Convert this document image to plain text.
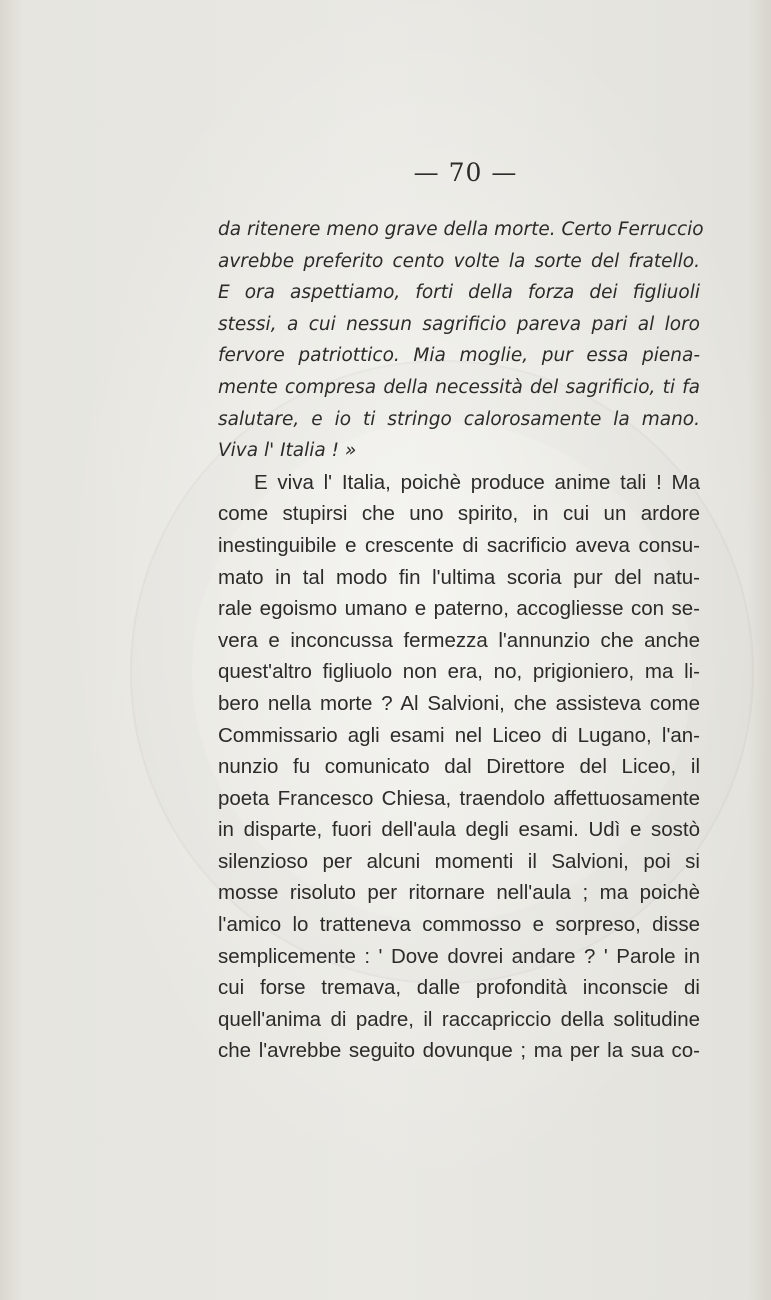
— 70 —
da ritenere meno grave della morte. Certo Ferruccio
avrebbe preferito cento volte la sorte del fratello.
E ora aspettiamo, forti della forza dei figliuoli
stessi, a cui nessun sagrificio pareva pari al loro
fervore patriottico. Mia moglie, pur essa piena-
mente compresa della necessità del sagrificio, ti fa
salutare, e io ti stringo calorosamente la mano.
Viva l' Italia ! »
E viva l' Italia, poichè produce anime tali ! Ma
come stupirsi che uno spirito, in cui un ardore
inestinguibile e crescente di sacrificio aveva consu-
mato in tal modo fin l'ultima scoria pur del natu-
rale egoismo umano e paterno, accogliesse con se-
vera e inconcussa fermezza l'annunzio che anche
quest'altro figliuolo non era, no, prigioniero, ma li-
bero nella morte ? Al Salvioni, che assisteva come
Commissario agli esami nel Liceo di Lugano, l'an-
nunzio fu comunicato dal Direttore del Liceo, il
poeta Francesco Chiesa, traendolo affettuosamente
in disparte, fuori dell'aula degli esami. Udì e sostò
silenzioso per alcuni momenti il Salvioni, poi si
mosse risoluto per ritornare nell'aula ; ma poichè
l'amico lo tratteneva commosso e sorpreso, disse
semplicemente : ' Dove dovrei andare ? ' Parole in
cui forse tremava, dalle profondità inconscie di
quell'anima di padre, il raccapriccio della solitudine
che l'avrebbe seguito dovunque ; ma per la sua co-
